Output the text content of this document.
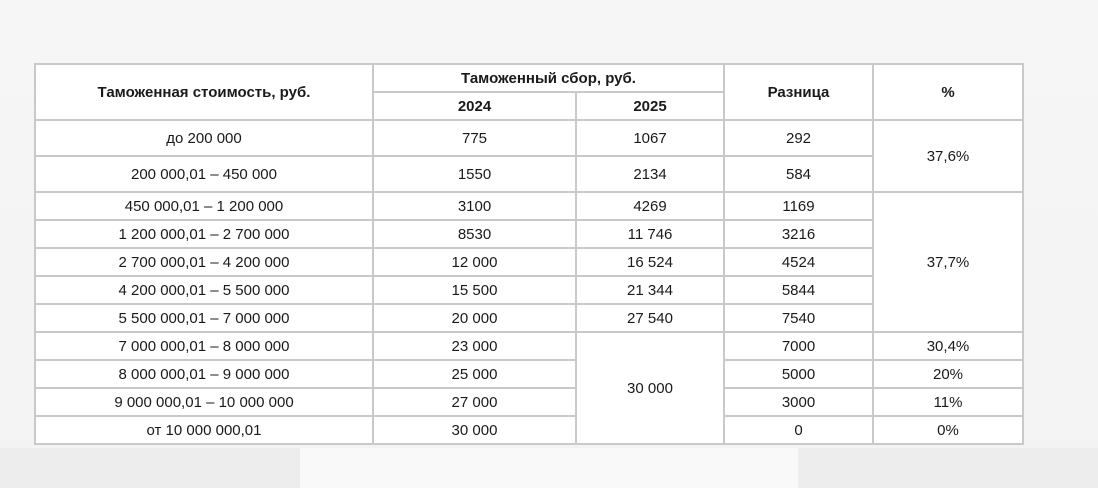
Таможенная стоимость, руб.	Таможенный сбор, руб.		Разница	%
	2024	2025		
до 200 000	775	1067	292	37,6%
200 000,01 – 450 000	1550	2134	584	
450 000,01 – 1 200 000	3100	4269	1169	37,7%
1 200 000,01 – 2 700 000	8530	11 746	3216	
2 700 000,01 – 4 200 000	12 000	16 524	4524	
4 200 000,01 – 5 500 000	15 500	21 344	5844	
5 500 000,01 – 7 000 000	20 000	27 540	7540	
7 000 000,01 – 8 000 000	23 000	30 000	7000	30,4%
8 000 000,01 – 9 000 000	25 000		5000	20%
9 000 000,01 – 10 000 000	27 000		3000	11%
от 10 000 000,01	30 000		0	0%
